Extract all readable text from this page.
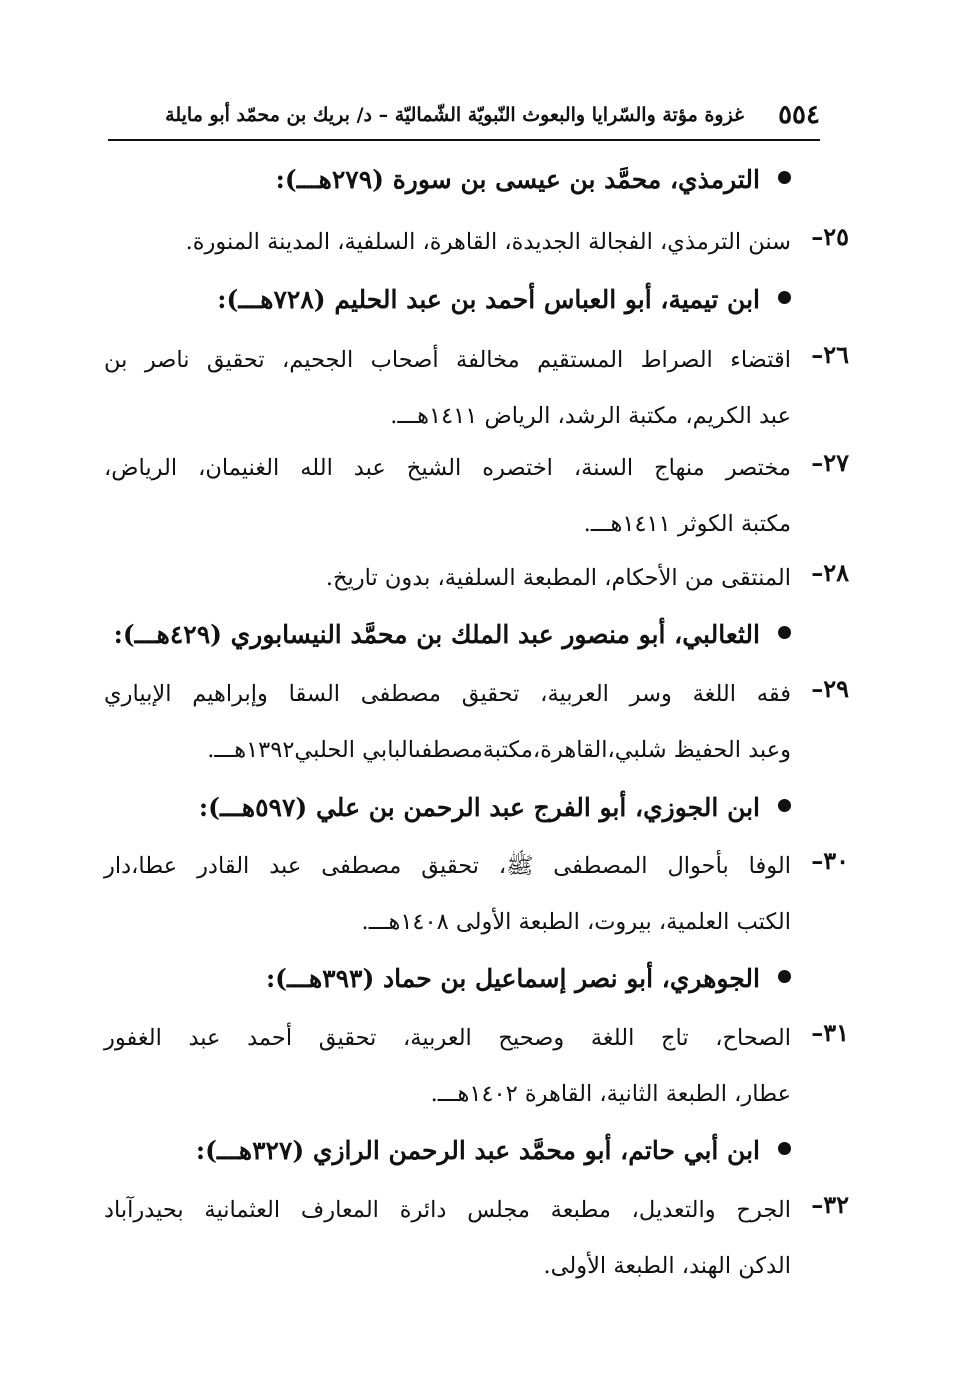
٥٥٤
غزوة مؤتة والسّرايا والبعوث النّبويّة الشّماليّة – د/ بريك بن محمّد أبو مايلة
الترمذي، محمَّد بن عيسى بن سورة (٢٧٩هـــ):
٢٥–
سنن الترمذي، الفجالة الجديدة، القاهرة، السلفية، المدينة المنورة.
ابن تيمية، أبو العباس أحمد بن عبد الحليم (٧٢٨هـــ):
٢٦–
اقتضاء الصراط المستقيم مخالفة أصحاب الجحيم، تحقيق ناصر بن
عبد الكريم، مكتبة الرشد، الرياض ١٤١١هـــ.
٢٧–
مختصر منهاج السنة، اختصره الشيخ عبد الله الغنيمان، الرياض،
مكتبة الكوثر ١٤١١هـــ.
٢٨–
المنتقى من الأحكام، المطبعة السلفية، بدون تاريخ.
الثعالبي، أبو منصور عبد الملك بن محمَّد النيسابوري (٤٢٩هـــ):
٢٩–
فقه اللغة وسر العربية، تحقيق مصطفى السقا وإبراهيم الإبياري
وعبد الحفيظ شلبي،القاهرة،مكتبةمصطفىالبابي الحلبي١٣٩٢هـــ.
ابن الجوزي، أبو الفرج عبد الرحمن بن علي (٥٩٧هـــ):
٣٠–
الوفا بأحوال المصطفى ﷺ، تحقيق مصطفى عبد القادر عطا،دار
الكتب العلمية، بيروت، الطبعة الأولى ١٤٠٨هـــ.
الجوهري، أبو نصر إسماعيل بن حماد (٣٩٣هـــ):
٣١–
الصحاح، تاج اللغة وصحيح العربية، تحقيق أحمد عبد الغفور
عطار، الطبعة الثانية، القاهرة ١٤٠٢هـــ.
ابن أبي حاتم، أبو محمَّد عبد الرحمن الرازي (٣٢٧هـــ):
٣٢–
الجرح والتعديل، مطبعة مجلس دائرة المعارف العثمانية بحيدرآباد
الدكن الهند، الطبعة الأولى.
